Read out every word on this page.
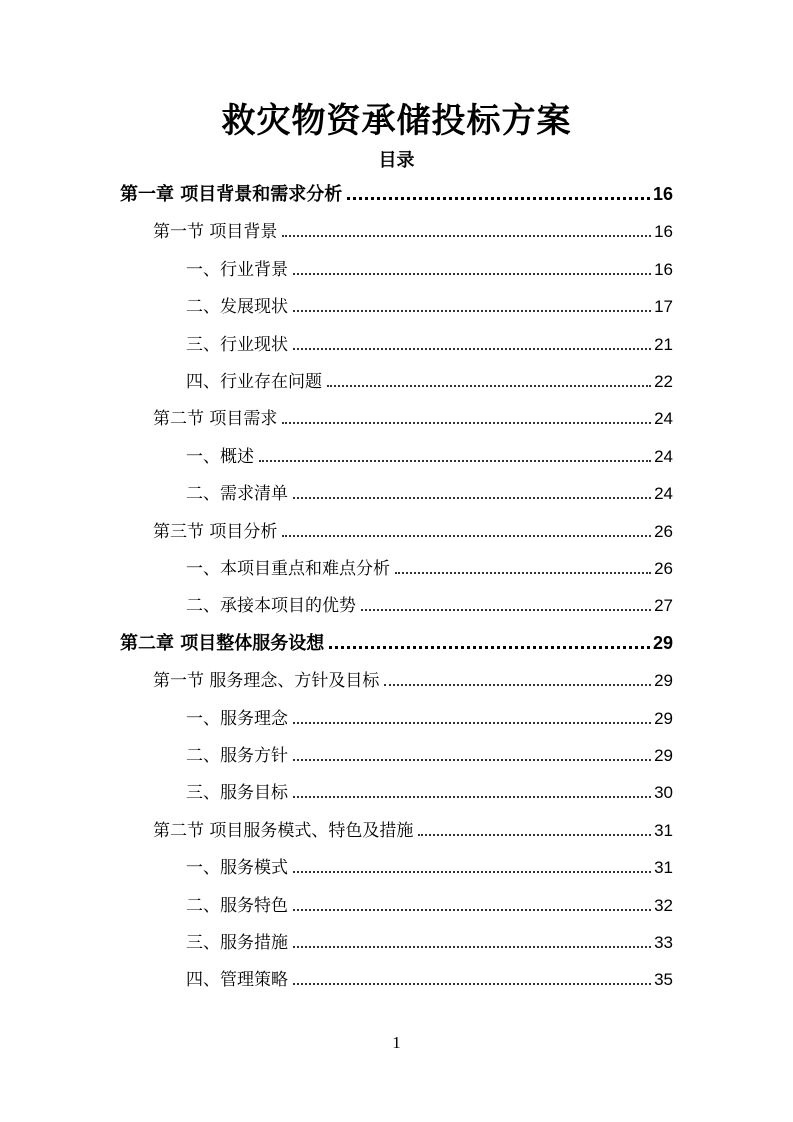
救灾物资承储投标方案
目录
第一章 项目背景和需求分析	16
第一节 项目背景	16
一、行业背景	16
二、发展现状	17
三、行业现状	21
四、行业存在问题	22
第二节 项目需求	24
一、概述	24
二、需求清单	24
第三节 项目分析	26
一、本项目重点和难点分析	26
二、承接本项目的优势	27
第二章 项目整体服务设想	29
第一节 服务理念、方针及目标	29
一、服务理念	29
二、服务方针	29
三、服务目标	30
第二节 项目服务模式、特色及措施	31
一、服务模式	31
二、服务特色	32
三、服务措施	33
四、管理策略	35
1
